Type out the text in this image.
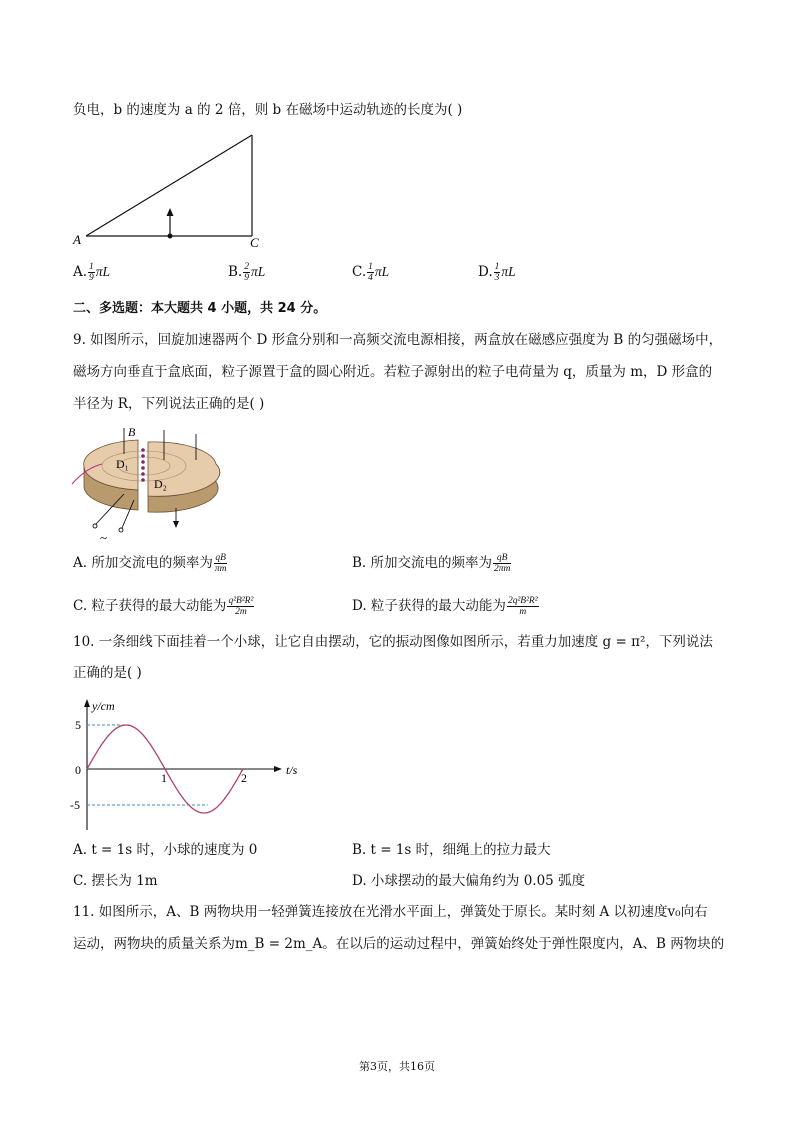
负电，b 的速度为 a 的 2 倍，则 b 在磁场中运动轨迹的长度为( )
A	C
A. $\frac{1}{9}$ πL	B. $\frac{2}{9}$ πL	C. $\frac{1}{4}$ πL	D. $\frac{1}{3}$ πL
二、多选题：本大题共 4 小题，共 24 分。
9. 如图所示，回旋加速器两个 D 形盒分别和一高频交流电源相接，两盒放在磁感应强度为 B 的匀强磁场中，
磁场方向垂直于盒底面，粒子源置于盒的圆心附近。若粒子源射出的粒子电荷量为 q，质量为 m，D 形盒的
半径为 R，下列说法正确的是( )
B
D₁
D₂
~
A. 所加交流电的频率为 $\frac{qB}{\pi m}$	B. 所加交流电的频率为 $\frac{qB}{2\pi m}$
C. 粒子获得的最大动能为 $\frac{\text{q²B²R²}}{2m}$	D. 粒子获得的最大动能为 $\frac{\text{2q²B²R²}}{m}$
10. 一条细线下面挂着一个小球，让它自由摆动，它的振动图像如图所示，若重力加速度 g = π²，下列说法
正确的是( )
y/cm
t/s
5
0
-5
1	2
A. t = 1s 时，小球的速度为 0	B. t = 1s 时，细绳上的拉力最大
C. 摆长为 1m	D. 小球摆动的最大偏角约为 0.05 弧度
11. 如图所示，A、B 两物块用一轻弹簧连接放在光滑水平面上，弹簧处于原长。某时刻 A 以初速度v₀向右
运动，两物块的质量关系为m_B = 2m_A。在以后的运动过程中，弹簧始终处于弹性限度内，A、B 两物块的
第3页，共16页
